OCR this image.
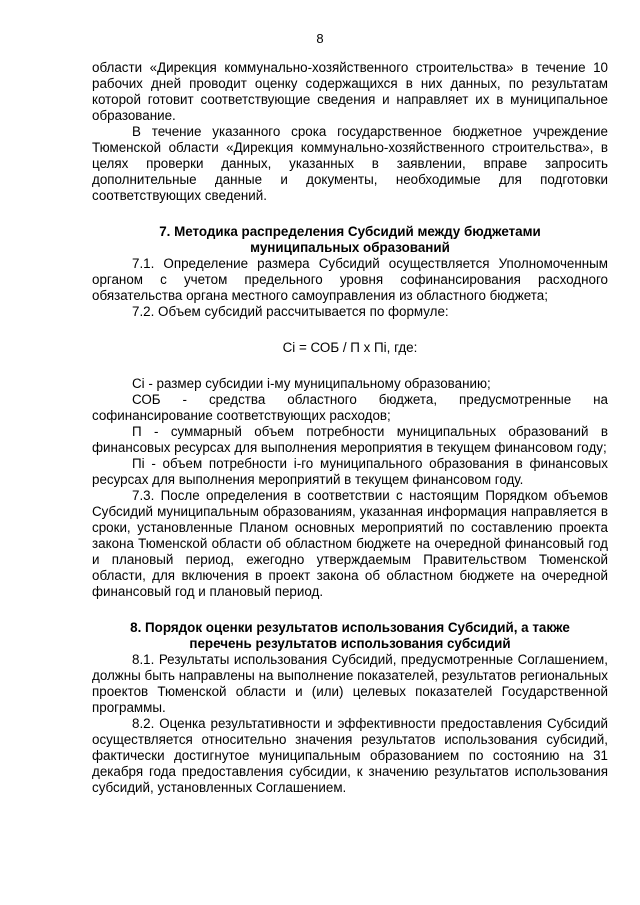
8

области «Дирекция коммунально-хозяйственного строительства» в течение 10 рабочих дней проводит оценку содержащихся в них данных, по результатам которой готовит соответствующие сведения и направляет их в муниципальное образование.

В течение указанного срока государственное бюджетное учреждение Тюменской области «Дирекция коммунально-хозяйственного строительства», в целях проверки данных, указанных в заявлении, вправе запросить дополнительные данные и документы, необходимые для подготовки соответствующих сведений.

7. Методика распределения Субсидий между бюджетами муниципальных образований

7.1. Определение размера Субсидий осуществляется Уполномоченным органом с учетом предельного уровня софинансирования расходного обязательства органа местного самоуправления из областного бюджета;

7.2. Объем субсидий рассчитывается по формуле:

Ci = СОБ / П x Пi, где:

Ci - размер субсидии i-му муниципальному образованию;

СОБ - средства областного бюджета, предусмотренные на софинансирование соответствующих расходов;

П - суммарный объем потребности муниципальных образований в финансовых ресурсах для выполнения мероприятия в текущем финансовом году;

Пi - объем потребности i-го муниципального образования в финансовых ресурсах для выполнения мероприятий в текущем финансовом году.

7.3. После определения в соответствии с настоящим Порядком объемов Субсидий муниципальным образованиям, указанная информация направляется в сроки, установленные Планом основных мероприятий по составлению проекта закона Тюменской области об областном бюджете на очередной финансовый год и плановый период, ежегодно утверждаемым Правительством Тюменской области, для включения в проект закона об областном бюджете на очередной финансовый год и плановый период.

8. Порядок оценки результатов использования Субсидий, а также перечень результатов использования субсидий

8.1. Результаты использования Субсидий, предусмотренные Соглашением, должны быть направлены на выполнение показателей, результатов региональных проектов Тюменской области и (или) целевых показателей Государственной программы.

8.2. Оценка результативности и эффективности предоставления Субсидий осуществляется относительно значения результатов использования субсидий, фактически достигнутое муниципальным образованием по состоянию на 31 декабря года предоставления субсидии, к значению результатов использования субсидий, установленных Соглашением.
